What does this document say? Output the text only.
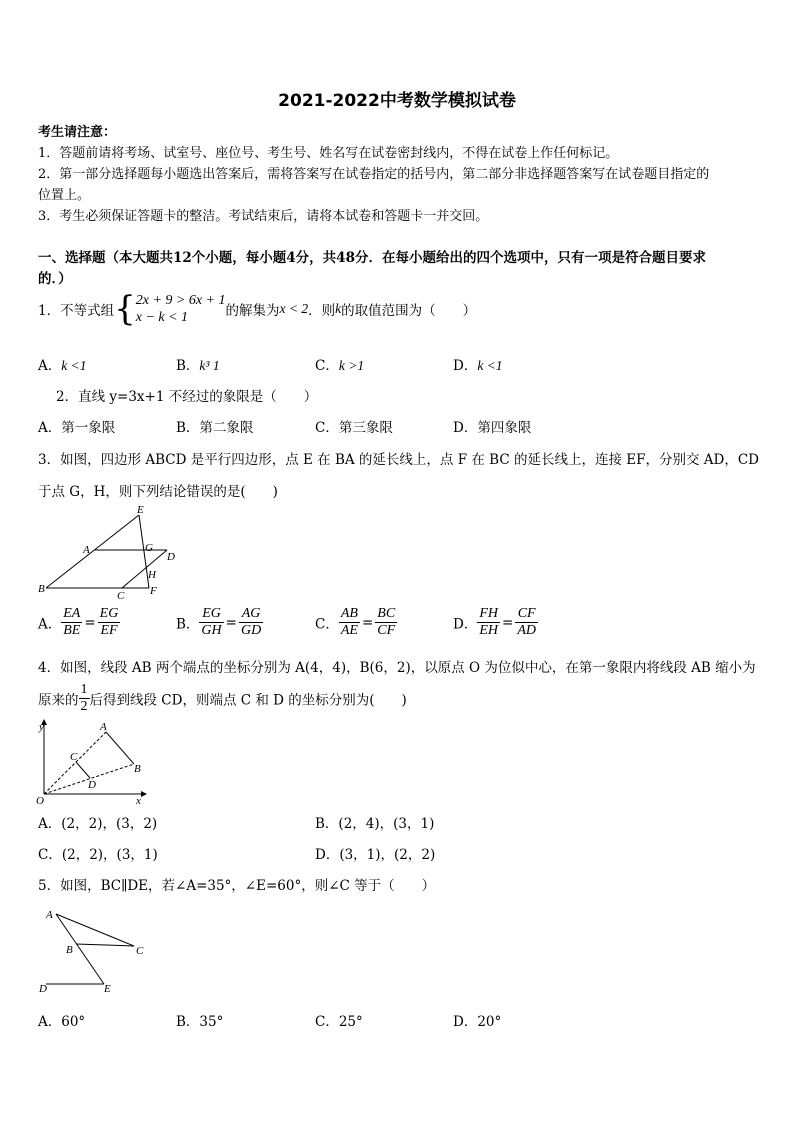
2021-2022中考数学模拟试卷
考生请注意：
1．答题前请将考场、试室号、座位号、考生号、姓名写在试卷密封线内，不得在试卷上作任何标记。
2．第一部分选择题每小题选出答案后，需将答案写在试卷指定的括号内，第二部分非选择题答案写在试卷题目指定的
位置上。
3．考生必须保证答题卡的整洁。考试结束后，请将本试卷和答题卡一并交回。
一、选择题（本大题共12个小题，每小题4分，共48分．在每小题给出的四个选项中，只有一项是符合题目要求
的．）
1．不等式组{ 2x + 9 > 6x + 1
x − k < 1	的解集为x < 2．则k的取值范围为（　　）
A．k <1	B．k³ 1	C．k >1	D．k <1
2．直线 y=3x+1 不经过的象限是（　　）
A．第一象限	B．第二象限	C．第三象限	D．第四象限
3．如图，四边形 ABCD 是平行四边形，点 E 在 BA 的延长线上，点 F 在 BC 的延长线上，连接 EF，分别交 AD，CD
于点 G，H，则下列结论错误的是(　　)
E
A	G
D
H
B
C F
A． $\frac{EA}{BE} = \frac{EG}{EF}$	B． $\frac{EG}{GH} = \frac{AG}{GD}$	C． $\frac{AB}{AE} = \frac{BC}{CF}$	D． $\frac{FH}{EH} = \frac{CF}{AD}$
4．如图，线段 AB 两个端点的坐标分别为 A(4，4)，B(6，2)，以原点 O 为位似中心，在第一象限内将线段 AB 缩小为
原来的 $\frac{1}{2}$ 后得到线段 CD，则端点 C 和 D 的坐标分别为(　　)
y
x
O
A
B
C
D
A．(2，2)，(3，2)	B．(2，4)，(3，1)
C．(2，2)，(3，1)	D．(3，1)，(2，2)
5．如图，BC∥DE，若∠A=35°，∠E=60°，则∠C 等于（　　）
A
B	C
D	E
A．60°	B．35°	C．25°	D．20°
